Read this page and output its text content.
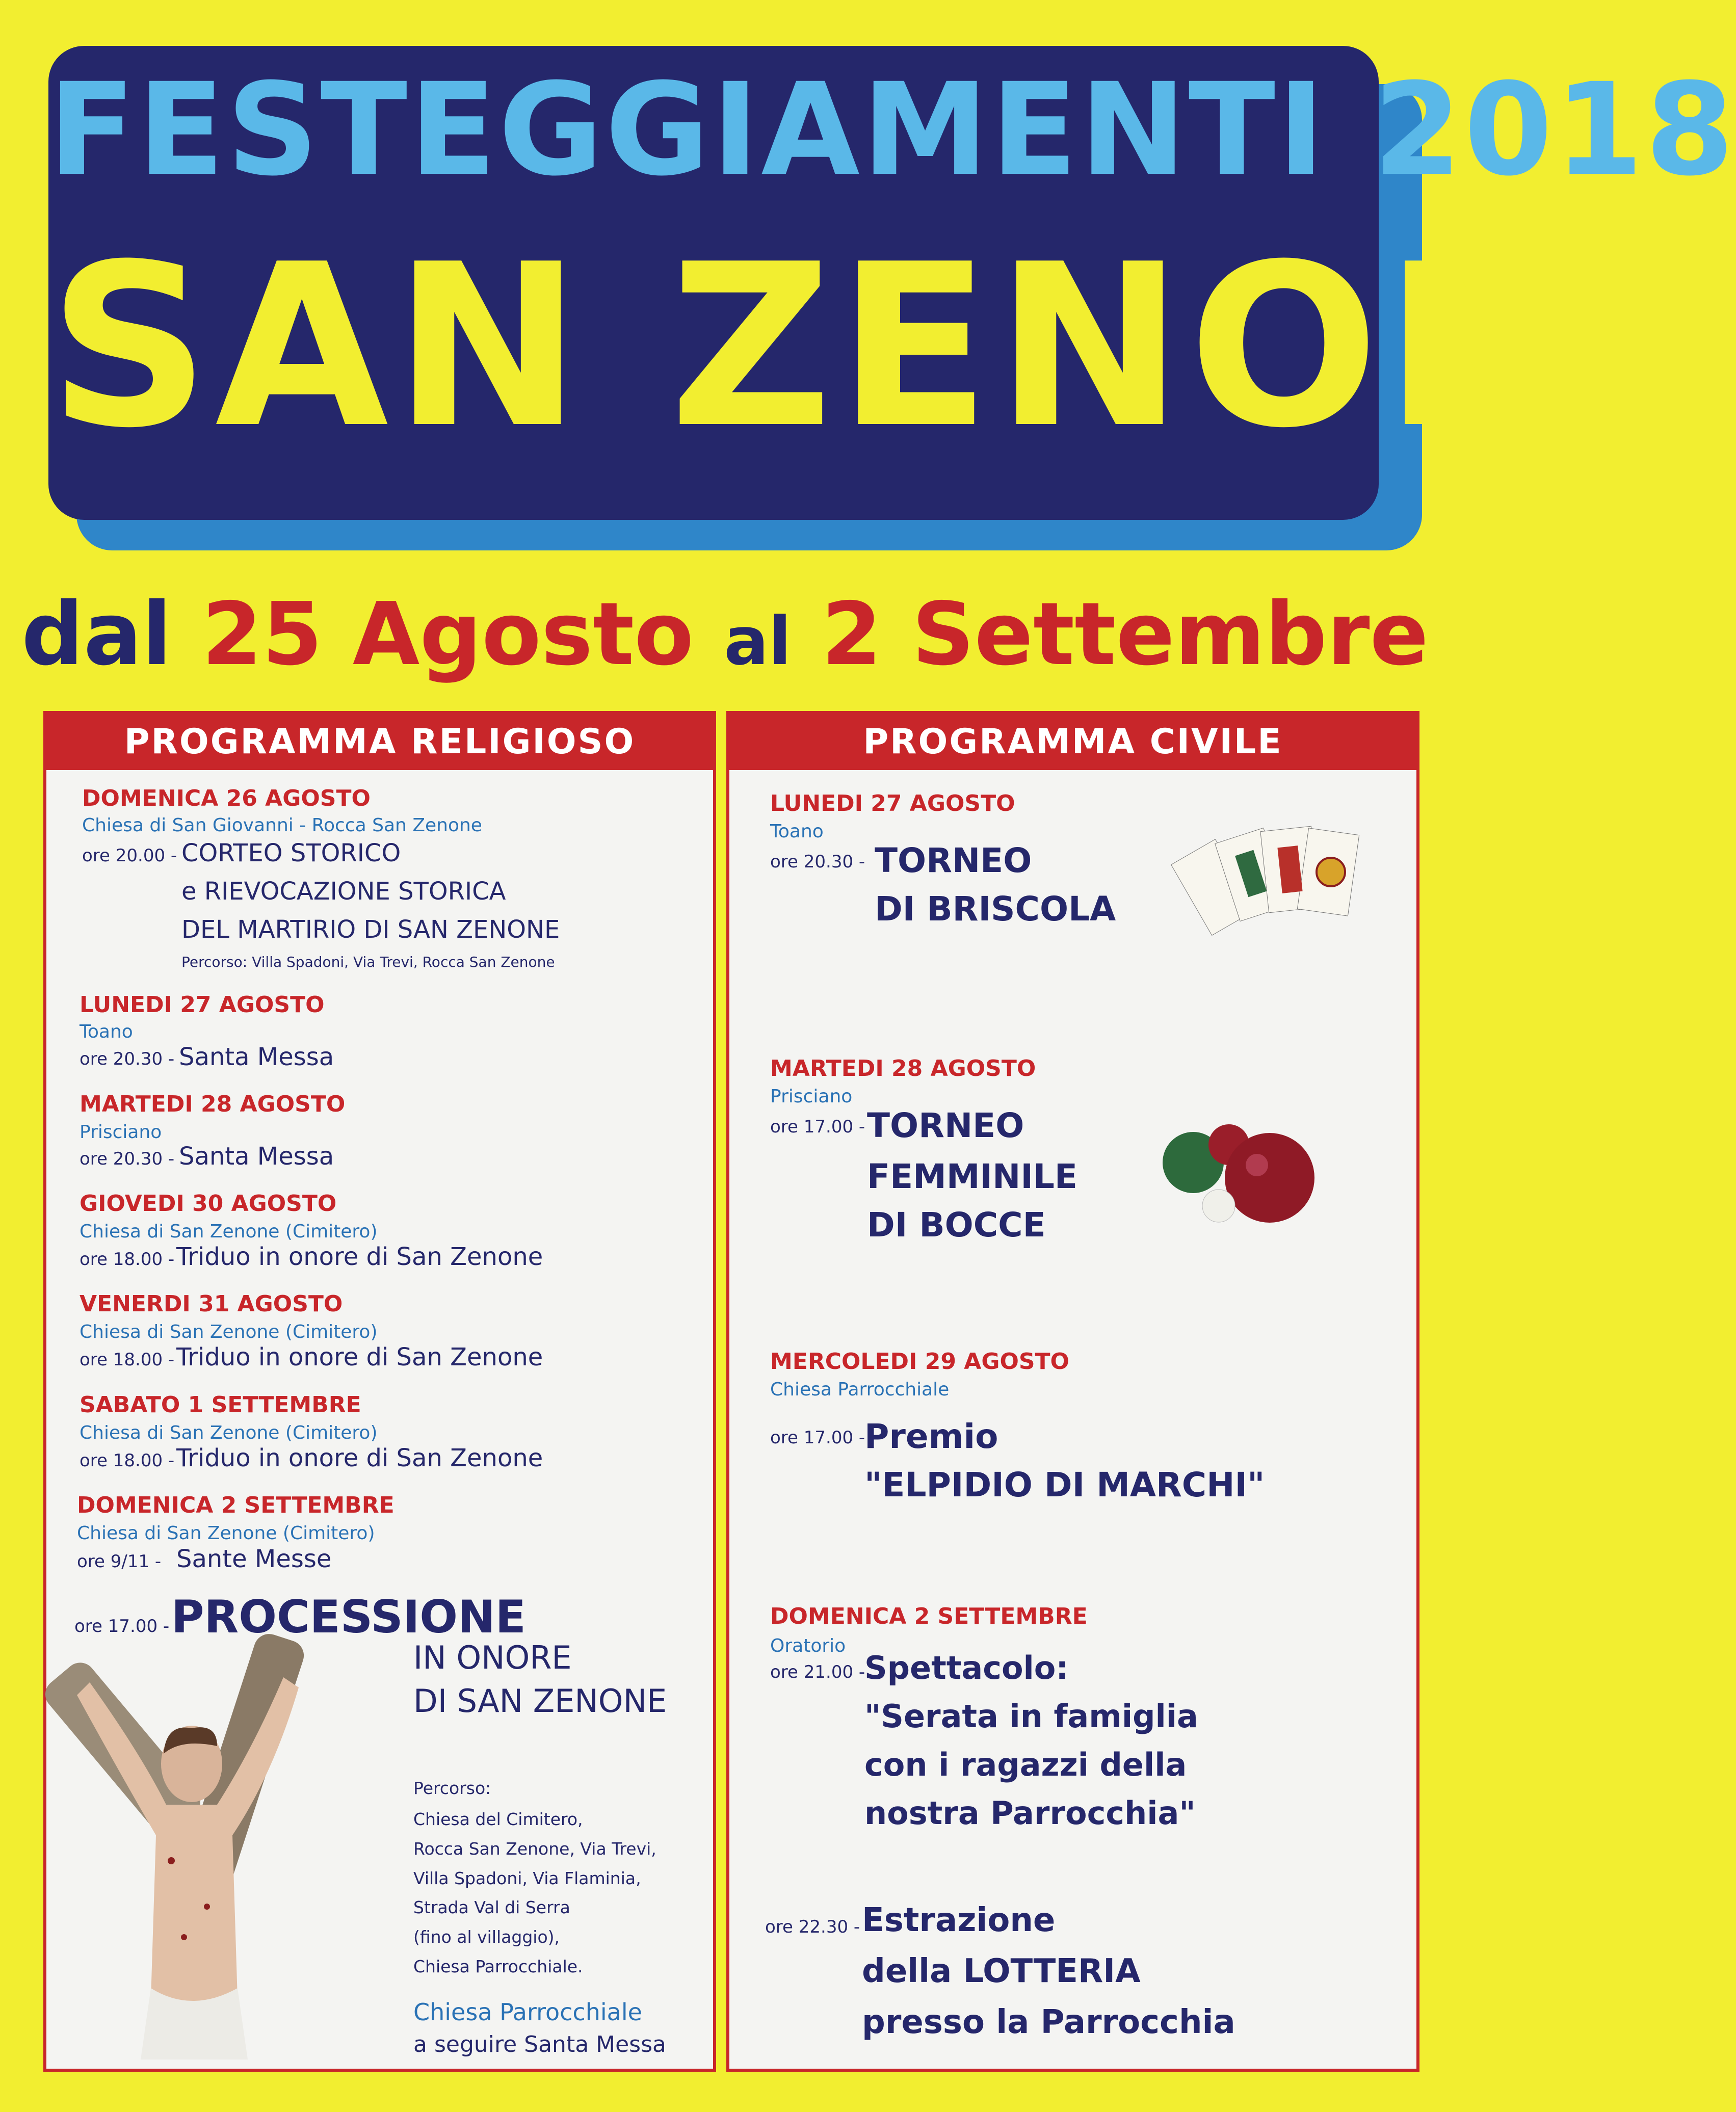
FESTEGGIAMENTI 2018
SAN ZENONE
dal 25 Agosto al 2 Settembre
PROGRAMMA RELIGIOSO
DOMENICA 26 AGOSTO
Chiesa di San Giovanni - Rocca San Zenone
ore 20.00 - CORTEO STORICO
e RIEVOCAZIONE STORICA
DEL MARTIRIO DI SAN ZENONE
Percorso: Villa Spadoni, Via Trevi, Rocca San Zenone
LUNEDI 27 AGOSTO
Toano
ore 20.30 - Santa Messa
MARTEDI 28 AGOSTO
Prisciano
ore 20.30 - Santa Messa
GIOVEDI 30 AGOSTO
Chiesa di San Zenone (Cimitero)
ore 18.00 - Triduo in onore di San Zenone
VENERDI 31 AGOSTO
Chiesa di San Zenone (Cimitero)
ore 18.00 - Triduo in onore di San Zenone
SABATO 1 SETTEMBRE
Chiesa di San Zenone (Cimitero)
ore 18.00 - Triduo in onore di San Zenone
DOMENICA 2 SETTEMBRE
Chiesa di San Zenone (Cimitero)
ore 9/11 - Sante Messe
ore 17.00 - PROCESSIONE
IN ONORE
DI SAN ZENONE
Percorso:
Chiesa del Cimitero,
Rocca San Zenone, Via Trevi,
Villa Spadoni, Via Flaminia,
Strada Val di Serra
(fino al villaggio),
Chiesa Parrocchiale.
Chiesa Parrocchiale
a seguire Santa Messa
PROGRAMMA CIVILE
LUNEDI 27 AGOSTO
Toano
ore 20.30 - TORNEO
DI BRISCOLA
MARTEDI 28 AGOSTO
Prisciano
ore 17.00 - TORNEO
FEMMINILE
DI BOCCE
MERCOLEDI 29 AGOSTO
Chiesa Parrocchiale
ore 17.00 -
Premio
"ELPIDIO DI MARCHI"
DOMENICA 2 SETTEMBRE
Oratorio
ore 21.00 -
Spettacolo:
"Serata in famiglia
con i ragazzi della
nostra Parrocchia"
ore 22.30 - Estrazione
della LOTTERIA
presso la Parrocchia
